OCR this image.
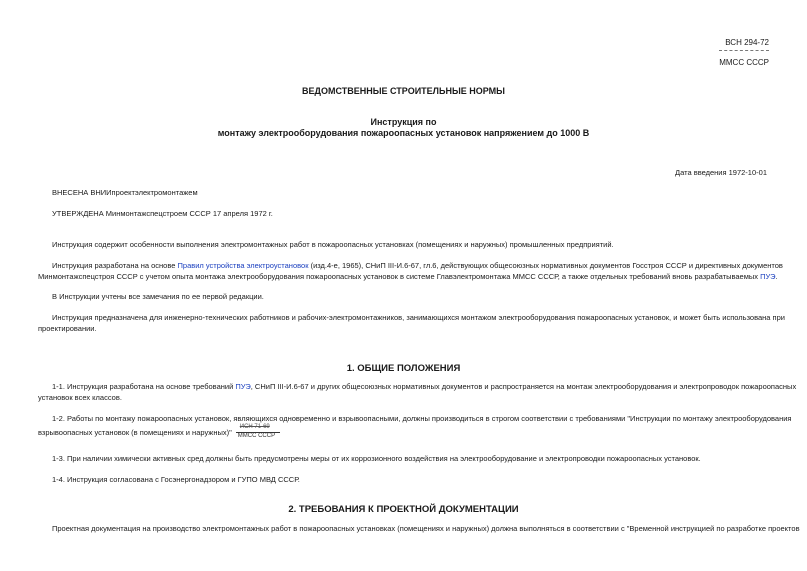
ВСН 294-72
ММСС СССР
ВЕДОМСТВЕННЫЕ СТРОИТЕЛЬНЫЕ НОРМЫ
Инструкция по
монтажу электрооборудования пожароопасных установок напряжением до 1000 В
Дата введения 1972-10-01
ВНЕСЕНА ВНИИпроектэлектромонтажем
УТВЕРЖДЕНА Минмонтажспецстроем СССР 17 апреля 1972 г.
Инструкция содержит особенности выполнения электромонтажных работ в пожароопасных установках (помещениях и наружных) промышленных предприятий.
Инструкция разработана на основе Правил устройства электроустановок (изд.4-е, 1965), СНиП III-И.6-67, гл.6, действующих общесоюзных нормативных документов Госстроя СССР и директивных документов
Минмонтажспецстроя СССР с учетом опыта монтажа электрооборудования пожароопасных установок в системе Главэлектромонтажа ММСС СССР, а также отдельных требований вновь разрабатываемых ПУЭ.
В Инструкции учтены все замечания по ее первой редакции.
Инструкция предназначена для инженерно-технических работников и рабочих-электромонтажников, занимающихся монтажом электрооборудования пожароопасных установок, и может быть использована при
проектировании.
1. ОБЩИЕ ПОЛОЖЕНИЯ
1-1. Инструкция разработана на основе требований ПУЭ, СНиП III-И.6-67 и других общесоюзных нормативных документов и распространяется на монтаж электрооборудования и электропроводок пожароопасных
установок всех классов.
1-2. Работы по монтажу пожароопасных установок, являющихся одновременно и взрывоопасными, должны производиться в строгом соответствии с требованиями "Инструкции по монтажу электрооборудования
взрывоопасных установок (в помещениях и наружных)"
ИСН 71-69
ММСС СССР
1-3. При наличии химически активных сред должны быть предусмотрены меры от их коррозионного воздействия на электрооборудование и электропроводки пожароопасных установок.
1-4. Инструкция согласована с Госэнергонадзором и ГУПО МВД СССР.
2. ТРЕБОВАНИЯ К ПРОЕКТНОЙ ДОКУМЕНТАЦИИ
Проектная документация на производство электромонтажных работ в пожароопасных установках (помещениях и наружных) должна выполняться в соответствии с "Временной инструкцией по разработке проектов
